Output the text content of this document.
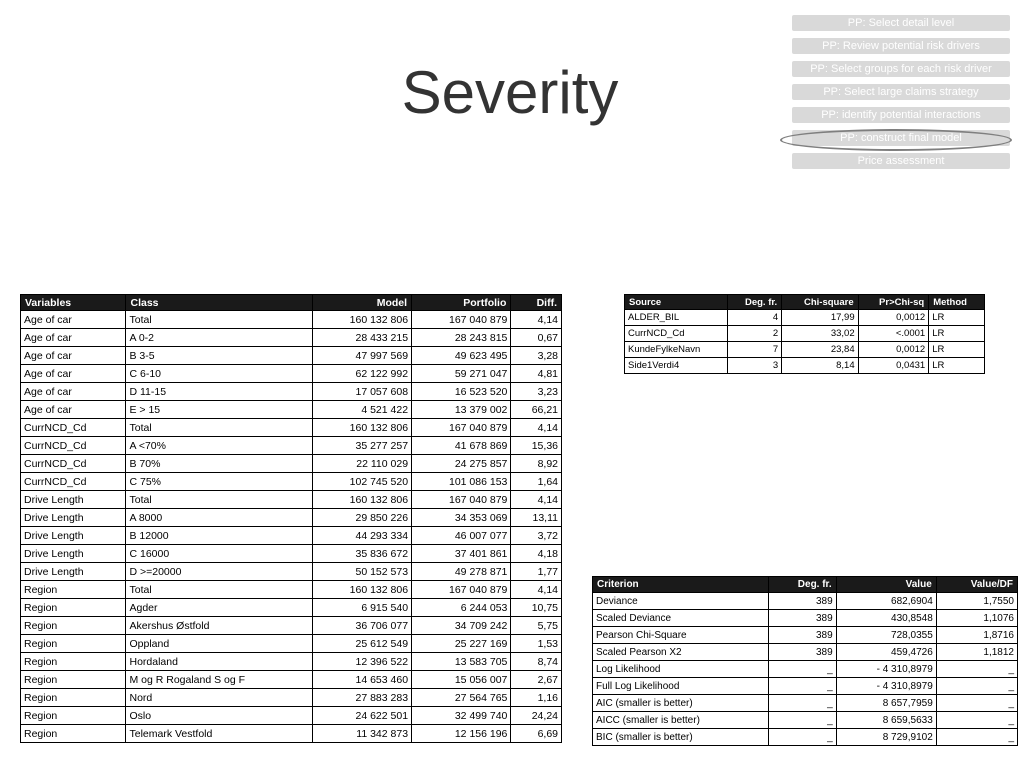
Severity
PP: Select detail level
PP: Review potential risk drivers
PP: Select groups for each risk driver
PP: Select large claims strategy
PP: identify potential interactions
PP: construct final model
Price assessment
Variables	Class	Model	Portfolio	Diff.
Age of car	Total	160 132 806	167 040 879	4,14
Age of car	A 0-2	28 433 215	28 243 815	0,67
Age of car	B 3-5	47 997 569	49 623 495	3,28
Age of car	C 6-10	62 122 992	59 271 047	4,81
Age of car	D 11-15	17 057 608	16 523 520	3,23
Age of car	E > 15	4 521 422	13 379 002	66,21
CurrNCD_Cd	Total	160 132 806	167 040 879	4,14
CurrNCD_Cd	A <70%	35 277 257	41 678 869	15,36
CurrNCD_Cd	B 70%	22 110 029	24 275 857	8,92
CurrNCD_Cd	C 75%	102 745 520	101 086 153	1,64
Drive Length	Total	160 132 806	167 040 879	4,14
Drive Length	A 8000	29 850 226	34 353 069	13,11
Drive Length	B 12000	44 293 334	46 007 077	3,72
Drive Length	C 16000	35 836 672	37 401 861	4,18
Drive Length	D >=20000	50 152 573	49 278 871	1,77
Region	Total	160 132 806	167 040 879	4,14
Region	Agder	6 915 540	6 244 053	10,75
Region	Akershus Østfold	36 706 077	34 709 242	5,75
Region	Oppland	25 612 549	25 227 169	1,53
Region	Hordaland	12 396 522	13 583 705	8,74
Region	M og R Rogaland S og F	14 653 460	15 056 007	2,67
Region	Nord	27 883 283	27 564 765	1,16
Region	Oslo	24 622 501	32 499 740	24,24
Region	Telemark Vestfold	11 342 873	12 156 196	6,69
Source	Deg. fr.	Chi-square	Pr>Chi-sq	Method
ALDER_BIL	4	17,99	0,0012	LR
CurrNCD_Cd	2	33,02	<.0001	LR
KundeFylkeNavn	7	23,84	0,0012	LR
Side1Verdi4	3	8,14	0,0431	LR
Criterion	Deg. fr.	Value	Value/DF
Deviance	389	682,6904	1,7550
Scaled Deviance	389	430,8548	1,1076
Pearson Chi-Square	389	728,0355	1,8716
Scaled Pearson X2	389	459,4726	1,1812
Log Likelihood	_	- 4 310,8979	_
Full Log Likelihood	_	- 4 310,8979	_
AIC (smaller is better)	_	8 657,7959	_
AICC (smaller is better)	_	8 659,5633	_
BIC (smaller is better)	_	8 729,9102	_
